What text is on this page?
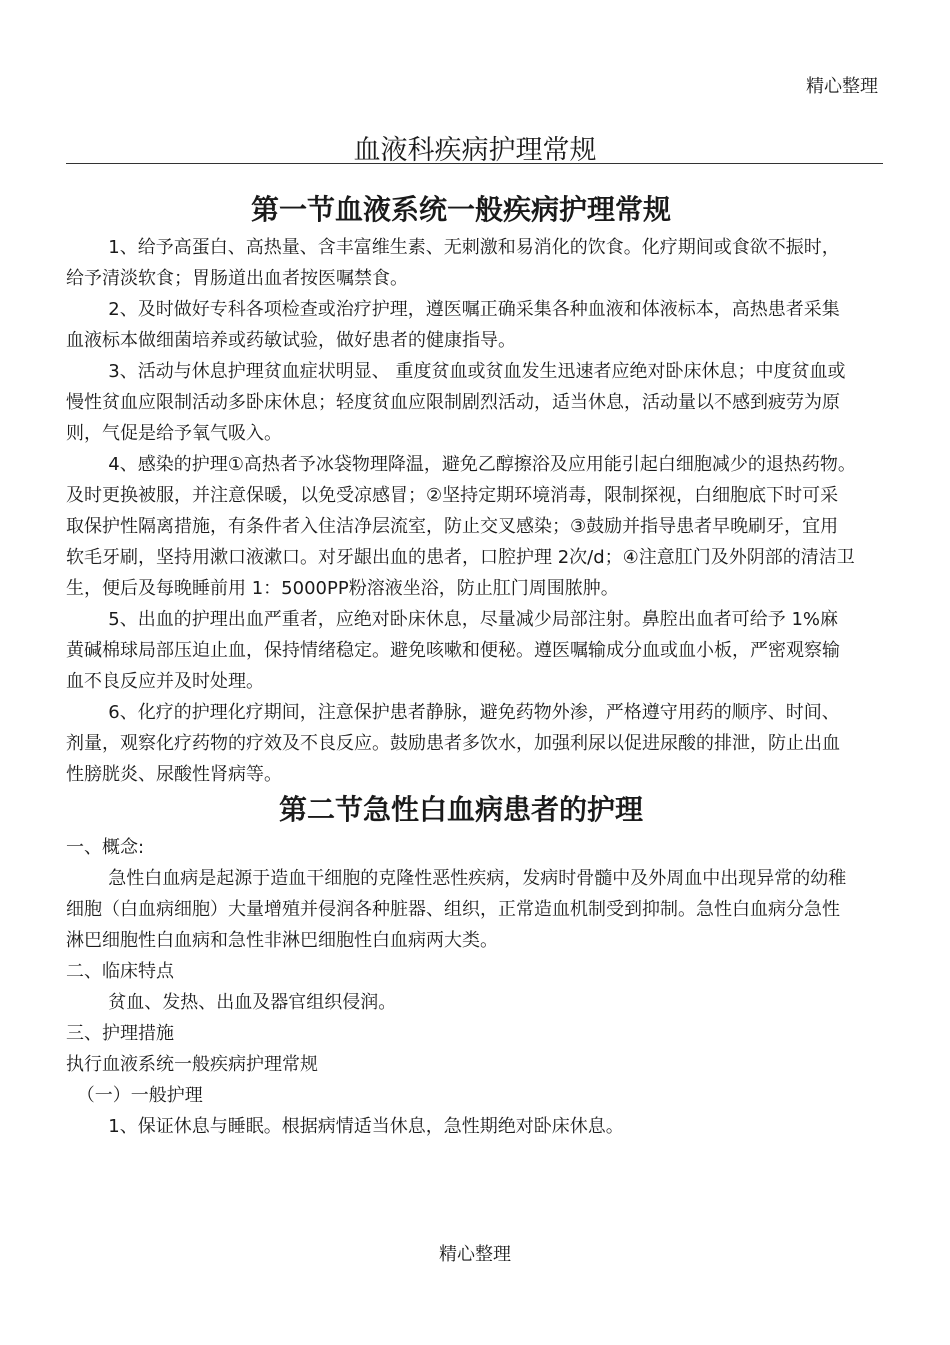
精心整理
血液科疾病护理常规
第一节血液系统一般疾病护理常规

1、给予高蛋白、高热量、含丰富维生素、无刺激和易消化的饮食。化疗期间或食欲不振时，给予清淡软食；胃肠道出血者按医嘱禁食。

2、及时做好专科各项检查或治疗护理，遵医嘱正确采集各种血液和体液标本，高热患者采集血液标本做细菌培养或药敏试验，做好患者的健康指导。

3、活动与休息护理贫血症状明显、 重度贫血或贫血发生迅速者应绝对卧床休息；中度贫血或慢性贫血应限制活动多卧床休息；轻度贫血应限制剧烈活动，适当休息，活动量以不感到疲劳为原则，气促是给予氧气吸入。

4、感染的护理①高热者予冰袋物理降温，避免乙醇擦浴及应用能引起白细胞减少的退热药物。及时更换被服，并注意保暖，以免受凉感冒；②坚持定期环境消毒，限制探视，白细胞底下时可采取保护性隔离措施，有条件者入住洁净层流室，防止交叉感染；③鼓励并指导患者早晚刷牙，宜用软毛牙刷，坚持用漱口液漱口。对牙龈出血的患者，口腔护理 2次/d；④注意肛门及外阴部的清洁卫生，便后及每晚睡前用 1：5000PP粉溶液坐浴，防止肛门周围脓肿。

5、出血的护理出血严重者，应绝对卧床休息，尽量减少局部注射。鼻腔出血者可给予 1%麻黄碱棉球局部压迫止血，保持情绪稳定。避免咳嗽和便秘。遵医嘱输成分血或血小板，严密观察输血不良反应并及时处理。

6、化疗的护理化疗期间，注意保护患者静脉，避免药物外渗，严格遵守用药的顺序、时间、剂量，观察化疗药物的疗效及不良反应。鼓励患者多饮水，加强利尿以促进尿酸的排泄，防止出血性膀胱炎、尿酸性肾病等。

第二节急性白血病患者的护理

一、概念:

急性白血病是起源于造血干细胞的克隆性恶性疾病，发病时骨髓中及外周血中出现异常的幼稚细胞（白血病细胞）大量增殖并侵润各种脏器、组织，正常造血机制受到抑制。急性白血病分急性淋巴细胞性白血病和急性非淋巴细胞性白血病两大类。

二、临床特点

贫血、发热、出血及器官组织侵润。

三、护理措施

执行血液系统一般疾病护理常规

（一）一般护理

1、保证休息与睡眠。根据病情适当休息，急性期绝对卧床休息。

精心整理
